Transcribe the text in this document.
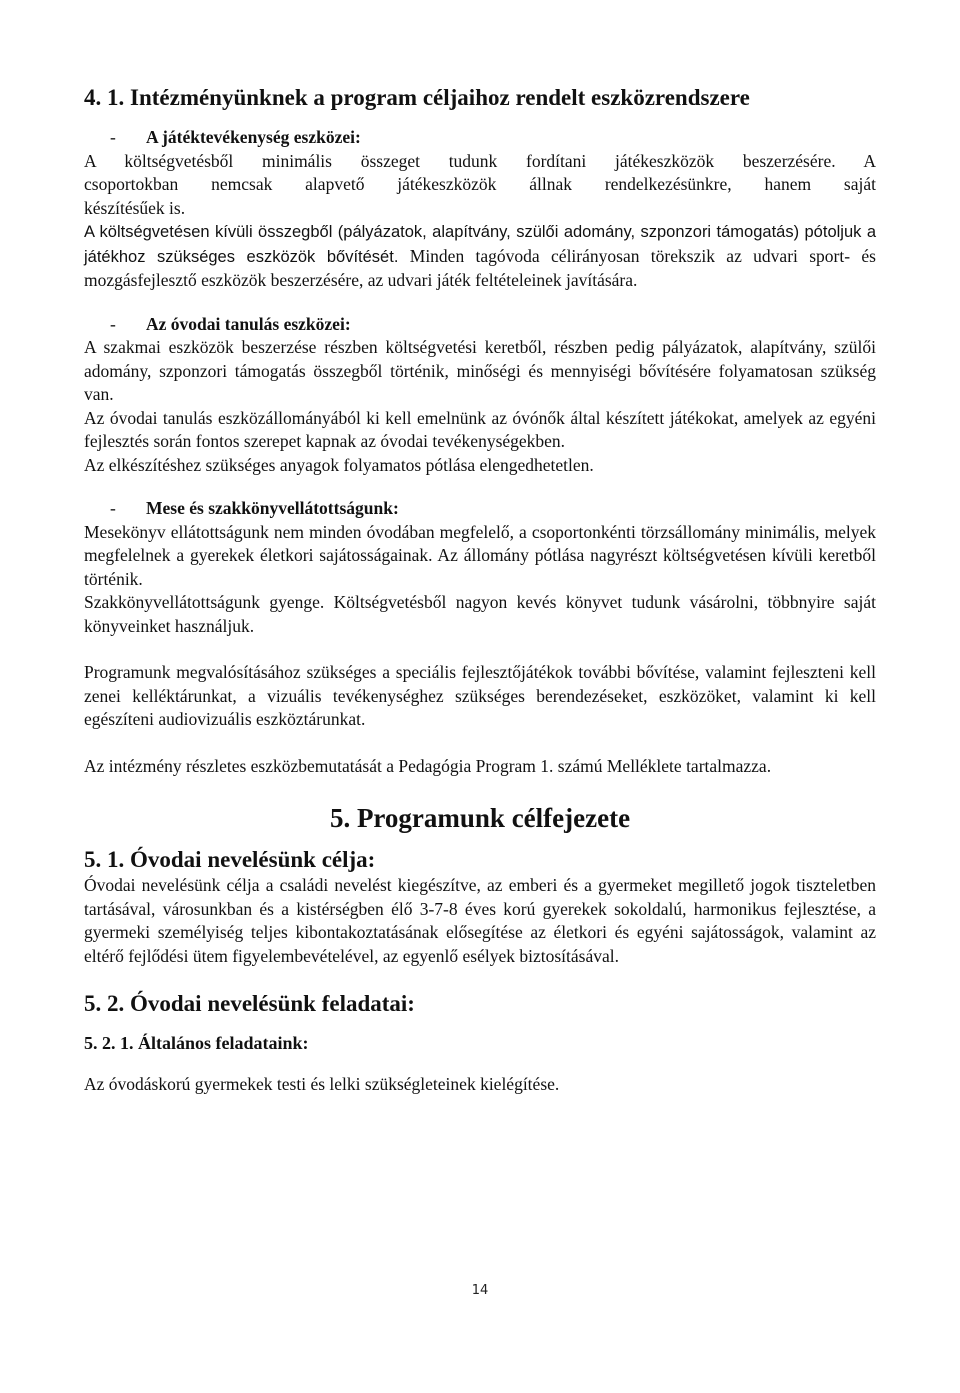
4. 1. Intézményünknek a program céljaihoz rendelt eszközrendszere

- A játéktevékenység eszközei:

A költségvetésből minimális összeget tudunk fordítani játékeszközök beszerzésére. A

csoportokban nemcsak alapvető játékeszközök állnak rendelkezésünkre, hanem saját

készítésűek is.

A költségvetésen kívüli összegből (pályázatok, alapítvány, szülői adomány, szponzori támogatás) pótoljuk a játékhoz szükséges eszközök bővítését. Minden tagóvoda célirányosan törekszik az udvari sport- és mozgásfejlesztő eszközök beszerzésére, az udvari játék feltételeinek javítására.

- Az óvodai tanulás eszközei:

A szakmai eszközök beszerzése részben költségvetési keretből, részben pedig pályázatok, alapítvány, szülői adomány, szponzori támogatás összegből történik, minőségi és mennyiségi bővítésére folyamatosan szükség van.

Az óvodai tanulás eszközállományából ki kell emelnünk az óvónők által készített játékokat, amelyek az egyéni fejlesztés során fontos szerepet kapnak az óvodai tevékenységekben.

Az elkészítéshez szükséges anyagok folyamatos pótlása elengedhetetlen.

- Mese és szakkönyvellátottságunk:

Mesekönyv ellátottságunk nem minden óvodában megfelelő, a csoportonkénti törzsállomány minimális, melyek megfelelnek a gyerekek életkori sajátosságainak. Az állomány pótlása nagyrészt költségvetésen kívüli keretből történik.

Szakkönyvellátottságunk gyenge. Költségvetésből nagyon kevés könyvet tudunk vásárolni, többnyire saját könyveinket használjuk.

Programunk megvalósításához szükséges a speciális fejlesztőjátékok további bővítése, valamint fejleszteni kell zenei kelléktárunkat, a vizuális tevékenységhez szükséges berendezéseket, eszközöket, valamint ki kell egészíteni audiovizuális eszköztárunkat.

Az intézmény részletes eszközbemutatását a Pedagógia Program 1. számú Melléklete tartalmazza.

5. Programunk célfejezete
5. 1. Óvodai nevelésünk célja:

Óvodai nevelésünk célja a családi nevelést kiegészítve, az emberi és a gyermeket megillető jogok tiszteletben tartásával, városunkban és a kistérségben élő 3-7-8 éves korú gyerekek sokoldalú, harmonikus fejlesztése, a gyermeki személyiség teljes kibontakoztatásának elősegítése az életkori és egyéni sajátosságok, valamint az eltérő fejlődési ütem figyelembevételével, az egyenlő esélyek biztosításával.

5. 2. Óvodai nevelésünk feladatai:
5. 2. 1. Általános feladataink:

Az óvodáskorú gyermekek testi és lelki szükségleteinek kielégítése.

14
